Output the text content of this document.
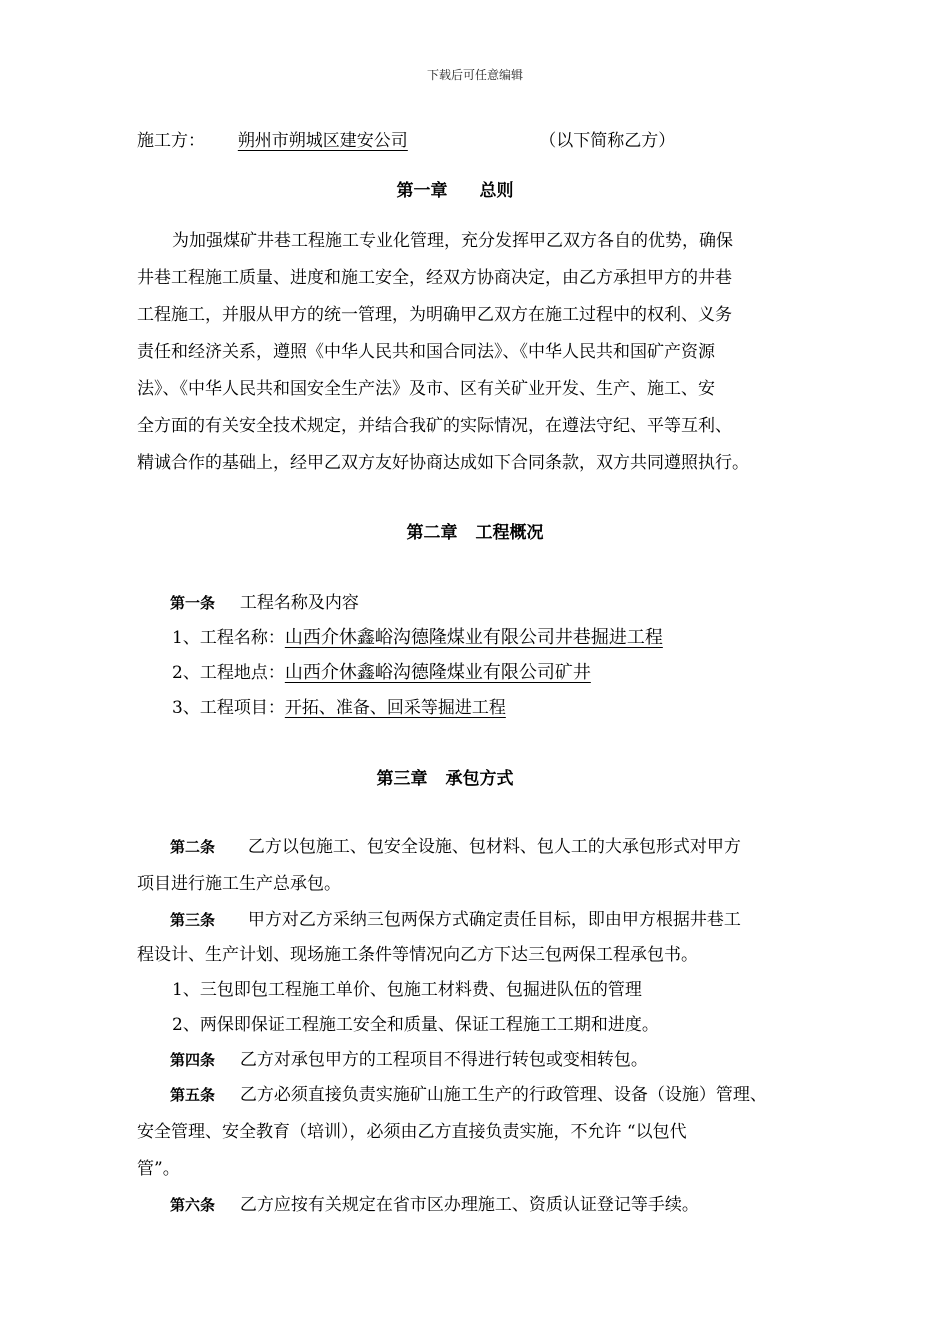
下载后可任意编辑
施工方： 朔州市朔城区建安公司	（以下简称乙方）
第一章 总则
为加强煤矿井巷工程施工专业化管理，充分发挥甲乙双方各自的优势，确保
井巷工程施工质量、进度和施工安全，经双方协商决定，由乙方承担甲方的井巷
工程施工，并服从甲方的统一管理，为明确甲乙双方在施工过程中的权利、义务
责任和经济关系，遵照《中华人民共和国合同法》、《中华人民共和国矿产资源
法》、《中华人民共和国安全生产法》及市、区有关矿业开发、生产、施工、安
全方面的有关安全技术规定，并结合我矿的实际情况，在遵法守纪、平等互利、
精诚合作的基础上，经甲乙双方友好协商达成如下合同条款，双方共同遵照执行。
第二章 工程概况
第一条 工程名称及内容
1、工程名称：山西介休鑫峪沟德隆煤业有限公司井巷掘进工程
2、工程地点：山西介休鑫峪沟德隆煤业有限公司矿井
3、工程项目：开拓、准备、回采等掘进工程
第三章 承包方式
第二条 乙方以包施工、包安全设施、包材料、包人工的大承包形式对甲方
项目进行施工生产总承包。
第三条 甲方对乙方采纳三包两保方式确定责任目标，即由甲方根据井巷工
程设计、生产计划、现场施工条件等情况向乙方下达三包两保工程承包书。
1、三包即包工程施工单价、包施工材料费、包掘进队伍的管理
2、两保即保证工程施工安全和质量、保证工程施工工期和进度。
第四条 乙方对承包甲方的工程项目不得进行转包或变相转包。
第五条 乙方必须直接负责实施矿山施工生产的行政管理、设备（设施）管理、
安全管理、安全教育（培训），必须由乙方直接负责实施，不允许 “以包代
管”。
第六条 乙方应按有关规定在省市区办理施工、资质认证登记等手续。
